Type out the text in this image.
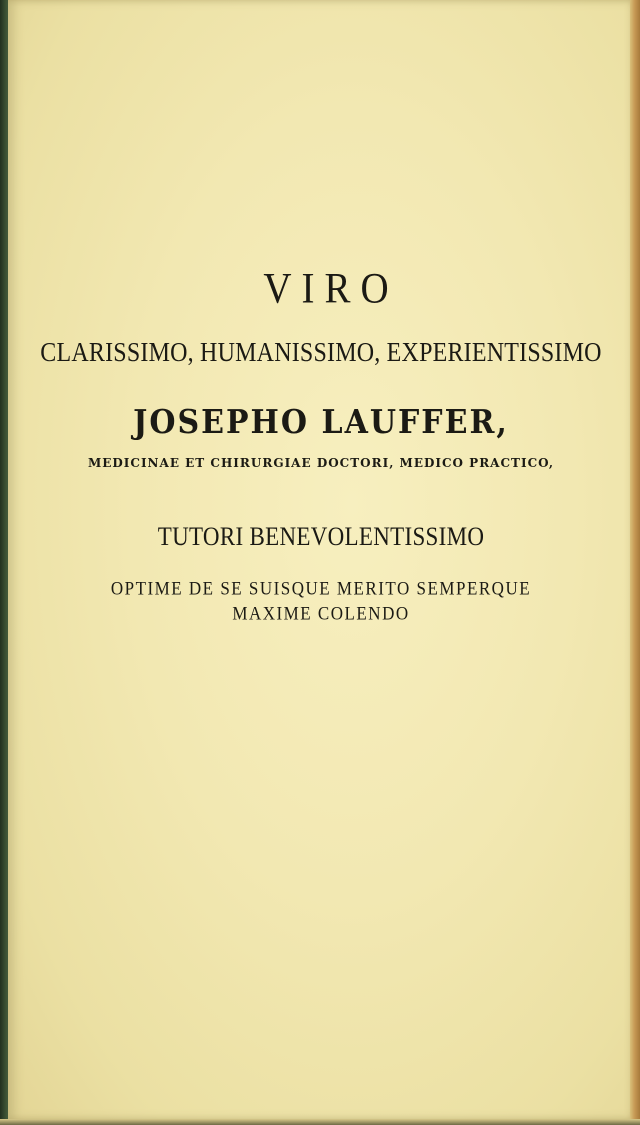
VIRO
CLARISSIMO, HUMANISSIMO, EXPERIENTISSIMO
JOSEPHO LAUFFER,
MEDICINAE ET CHIRURGIAE DOCTORI, MEDICO PRACTICO,
TUTORI BENEVOLENTISSIMO
OPTIME DE SE SUISQUE MERITO SEMPERQUE
MAXIME COLENDO
